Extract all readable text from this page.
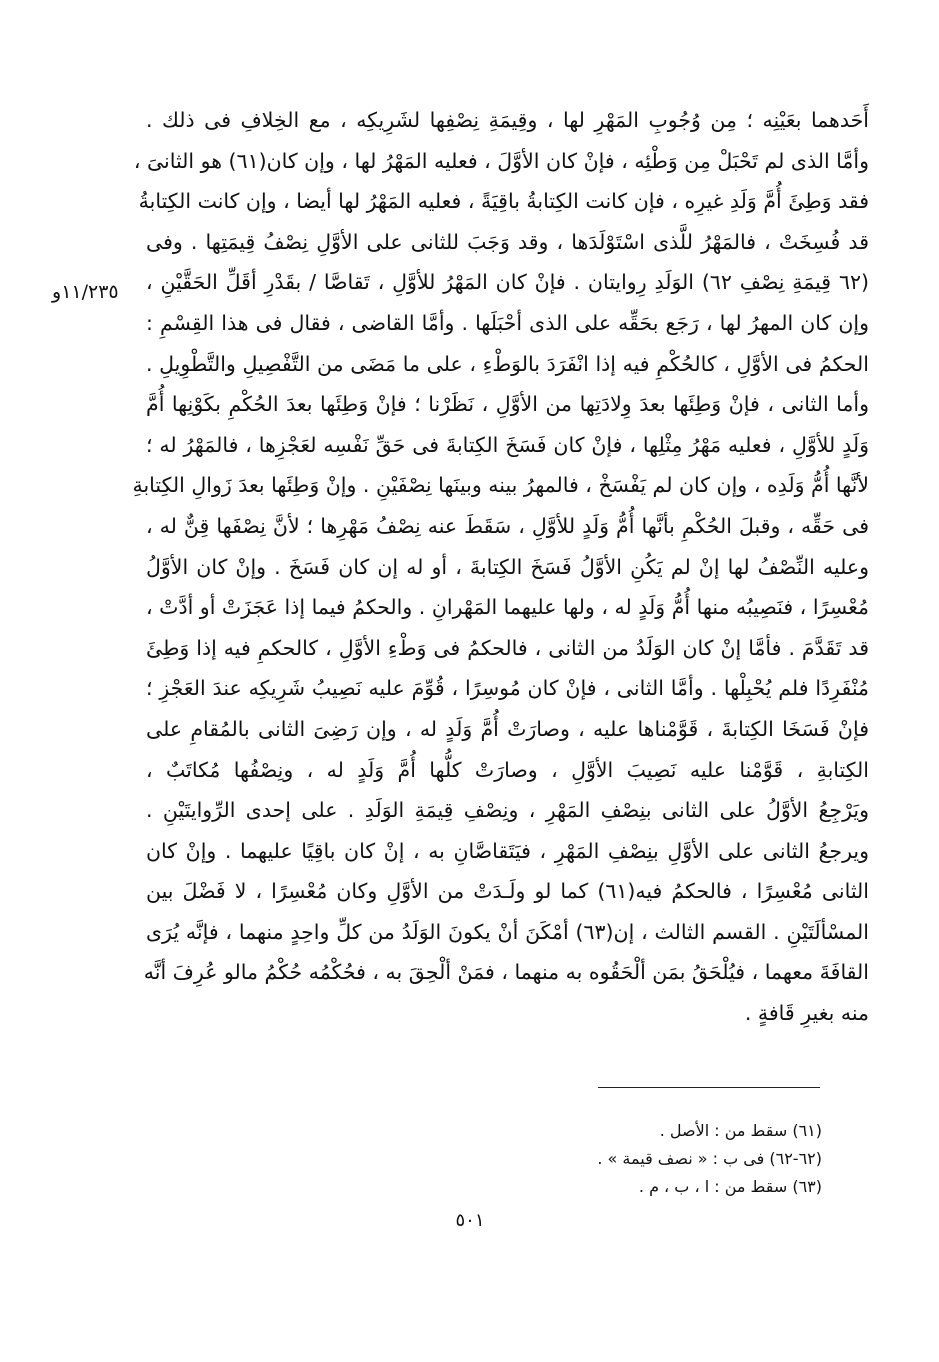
أَحَدهما بعَيْنِه ؛ مِن وُجُوبِ المَهْرِ لها ، وقِيمَةِ نِصْفِها لشَرِيكِه ، مع الخِلافِ فى ذلك .
وأمَّا الذى لم تَحْبَلْ مِن وَطْئِه ، فإنْ كان الأوَّلَ ، فعليه المَهْرُ لها ، وإن كان(٦١) هو الثانىَ ،
فقد وَطِئَ أُمَّ وَلَدِ غيرِه ، فإن كانت الكِتابةُ باقِيَةً ، فعليه المَهْرُ لها أيضا ، وإن كانت الكِتابةُ
قد فُسِخَتْ ، فالمَهْرُ للَّذى اسْتَوْلَدَها ، وقد وَجَبَ للثانى على الأوَّلِ نِصْفُ قِيمَتِها . وفى
(٦٢ قِيمَةِ نِصْفِ ٦٢) الوَلَدِ رِوايتان . فإنْ كان المَهْرُ للأوَّلِ ، تَقاصَّا / بقَدْرِ أقَلِّ الحَقَّيْنِ ،
وإن كان المهرُ لها ، رَجَع بحَقِّه على الذى أحْبَلَها . وأمَّا القاضى ، فقال فى هذا القِسْمِ :
الحكمُ فى الأوَّلِ ، كالحُكْمِ فيه إذا انْفَرَدَ بالوَطْءِ ، على ما مَضَى من التَّفْصِيلِ والتَّطْوِيلِ .
وأما الثانى ، فإنْ وَطِئَها بعدَ وِلادَتِها من الأوَّلِ ، نَظَرْنا ؛ فإنْ وَطِئَها بعدَ الحُكْمِ بكَوْنِها أُمَّ
وَلَدٍ للأوَّلِ ، فعليه مَهْرُ مِثْلِها ، فإنْ كان فَسَخَ الكِتابةَ فى حَقِّ نَفْسِه لعَجْزِها ، فالمَهْرُ له ؛
لأنَّها أُمُّ وَلَدِه ، وإن كان لم يَفْسَخْ ، فالمهرُ بينه وبينَها نِصْفَيْنِ . وإنْ وَطِئَها بعدَ زَوالِ الكِتابةِ
فى حَقِّه ، وقبلَ الحُكْمِ بأنَّها أُمُّ وَلَدٍ للأوَّلِ ، سَقَطَ عنه نِصْفُ مَهْرِها ؛ لأنَّ نِصْفَها قِنٌّ له ،
وعليه النِّصْفُ لها إنْ لم يَكُنِ الأوَّلُ فَسَخَ الكِتابةَ ، أو له إن كان فَسَخَ . وإنْ كان الأوَّلُ
مُعْسِرًا ، فنَصِيبُه منها أُمُّ وَلَدٍ له ، ولها عليهما المَهْرانِ . والحكمُ فيما إذا عَجَزَتْ أو أدَّتْ ،
قد تَقَدَّمَ . فأمَّا إنْ كان الوَلَدُ من الثانى ، فالحكمُ فى وَطْءِ الأوَّلِ ، كالحكمِ فيه إذا وَطِئَ
مُنْفَرِدًا فلم يُحْبِلْها . وأمَّا الثانى ، فإنْ كان مُوسِرًا ، قُوِّمَ عليه نَصِيبُ شَرِيكِه عندَ العَجْزِ ؛
فإنْ فَسَخَا الكِتابةَ ، قَوَّمْناها عليه ، وصارَتْ أُمَّ وَلَدٍ له ، وإن رَضِىَ الثانى بالمُقامِ على
الكِتابةِ ، قَوَّمْنا عليه نَصِيبَ الأوَّلِ ، وصارَتْ كلُّها أُمَّ وَلَدٍ له ، ونِصْفُها مُكاتَبٌ ،
ويَرْجِعُ الأوَّلُ على الثانى بنِصْفِ المَهْرِ ، ونِصْفِ قِيمَةِ الوَلَدِ . على إحدى الرِّوايتَيْنِ .
ويرجعُ الثانى على الأوَّلِ بنِصْفِ المَهْرِ ، فيَتَقاصَّانِ به ، إنْ كان باقِيًا عليهما . وإنْ كان
الثانى مُعْسِرًا ، فالحكمُ فيه(٦١) كما لو ولَـدَتْ من الأوَّلِ وكان مُعْسِرًا ، لا فَضْلَ بين
المسْألَتَيْنِ . القسم الثالث ، إن(٦٣) أمْكَنَ أنْ يكونَ الوَلَدُ من كلِّ واحِدٍ منهما ، فإنَّه يُرَى
القافَةَ معهما ، فيُلْحَقُ بمَن ألْحَقُوه به منهما ، فمَنْ ألْحِقَ به ، فحُكْمُه حُكْمُ مالو عُرِفَ أنَّه
منه بغيرِ قَافةٍ .
١١/٢٣٥و
(٦١) سقط من : الأصل .
(٦٢-٦٢) فى ب : « نصف قيمة » .
(٦٣) سقط من : ا ، ب ، م .
٥٠١
